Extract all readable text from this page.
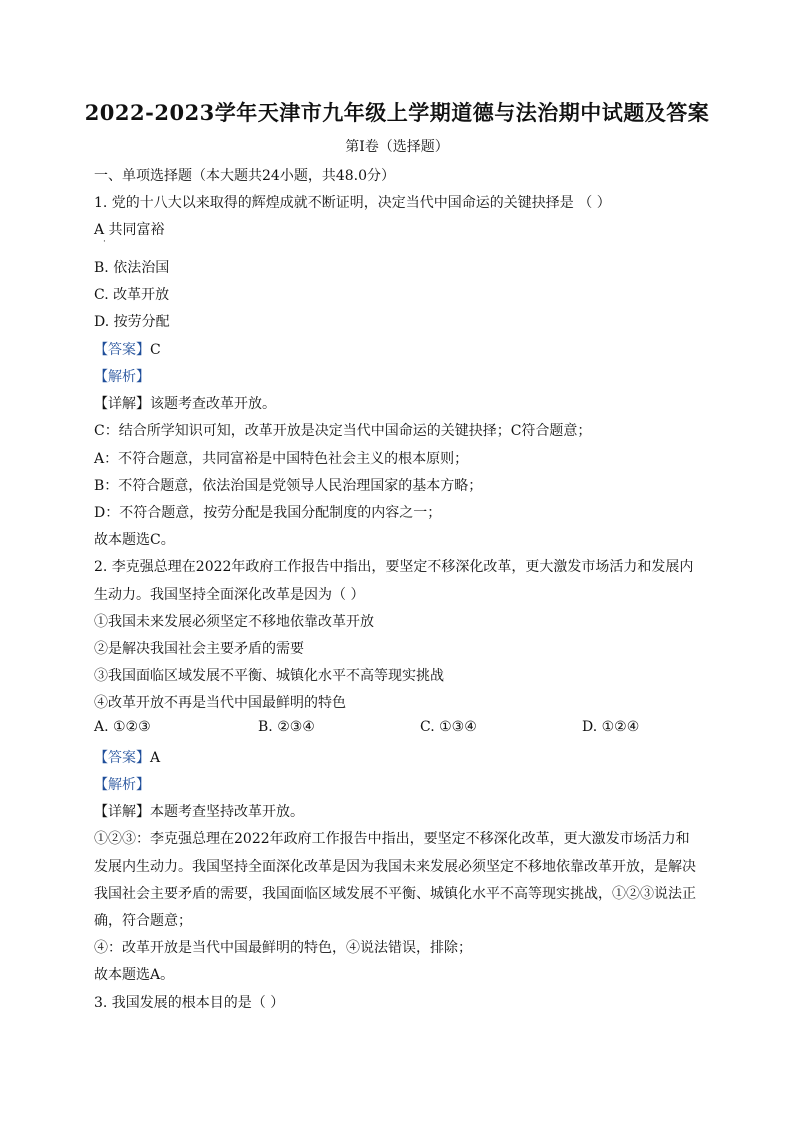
2022-2023学年天津市九年级上学期道德与法治期中试题及答案
第I卷（选择题）
一、单项选择题（本大题共24小题，共48.0分）
1. 党的十八大以来取得的辉煌成就不断证明，决定当代中国命运的关键抉择是 （ ）
A 共同富裕
·
B. 依法治国
C. 改革开放
D. 按劳分配
【答案】C
【解析】
【详解】该题考查改革开放。
C：结合所学知识可知，改革开放是决定当代中国命运的关键抉择；C符合题意；
A：不符合题意，共同富裕是中国特色社会主义的根本原则；
B：不符合题意，依法治国是党领导人民治理国家的基本方略；
D：不符合题意，按劳分配是我国分配制度的内容之一；
故本题选C。
2. 李克强总理在2022年政府工作报告中指出，要坚定不移深化改革，更大激发市场活力和发展内
生动力。我国坚持全面深化改革是因为（ ）
①我国未来发展必须坚定不移地依靠改革开放
②是解决我国社会主要矛盾的需要
③我国面临区域发展不平衡、城镇化水平不高等现实挑战
④改革开放不再是当代中国最鲜明的特色
A. ①②③	B. ②③④	C. ①③④	D. ①②④
【答案】A
【解析】
【详解】本题考查坚持改革开放。
①②③：李克强总理在2022年政府工作报告中指出，要坚定不移深化改革，更大激发市场活力和
发展内生动力。我国坚持全面深化改革是因为我国未来发展必须坚定不移地依靠改革开放，是解决
我国社会主要矛盾的需要，我国面临区域发展不平衡、城镇化水平不高等现实挑战，①②③说法正
确，符合题意；
④：改革开放是当代中国最鲜明的特色，④说法错误，排除；
故本题选A。
3. 我国发展的根本目的是（ ）
